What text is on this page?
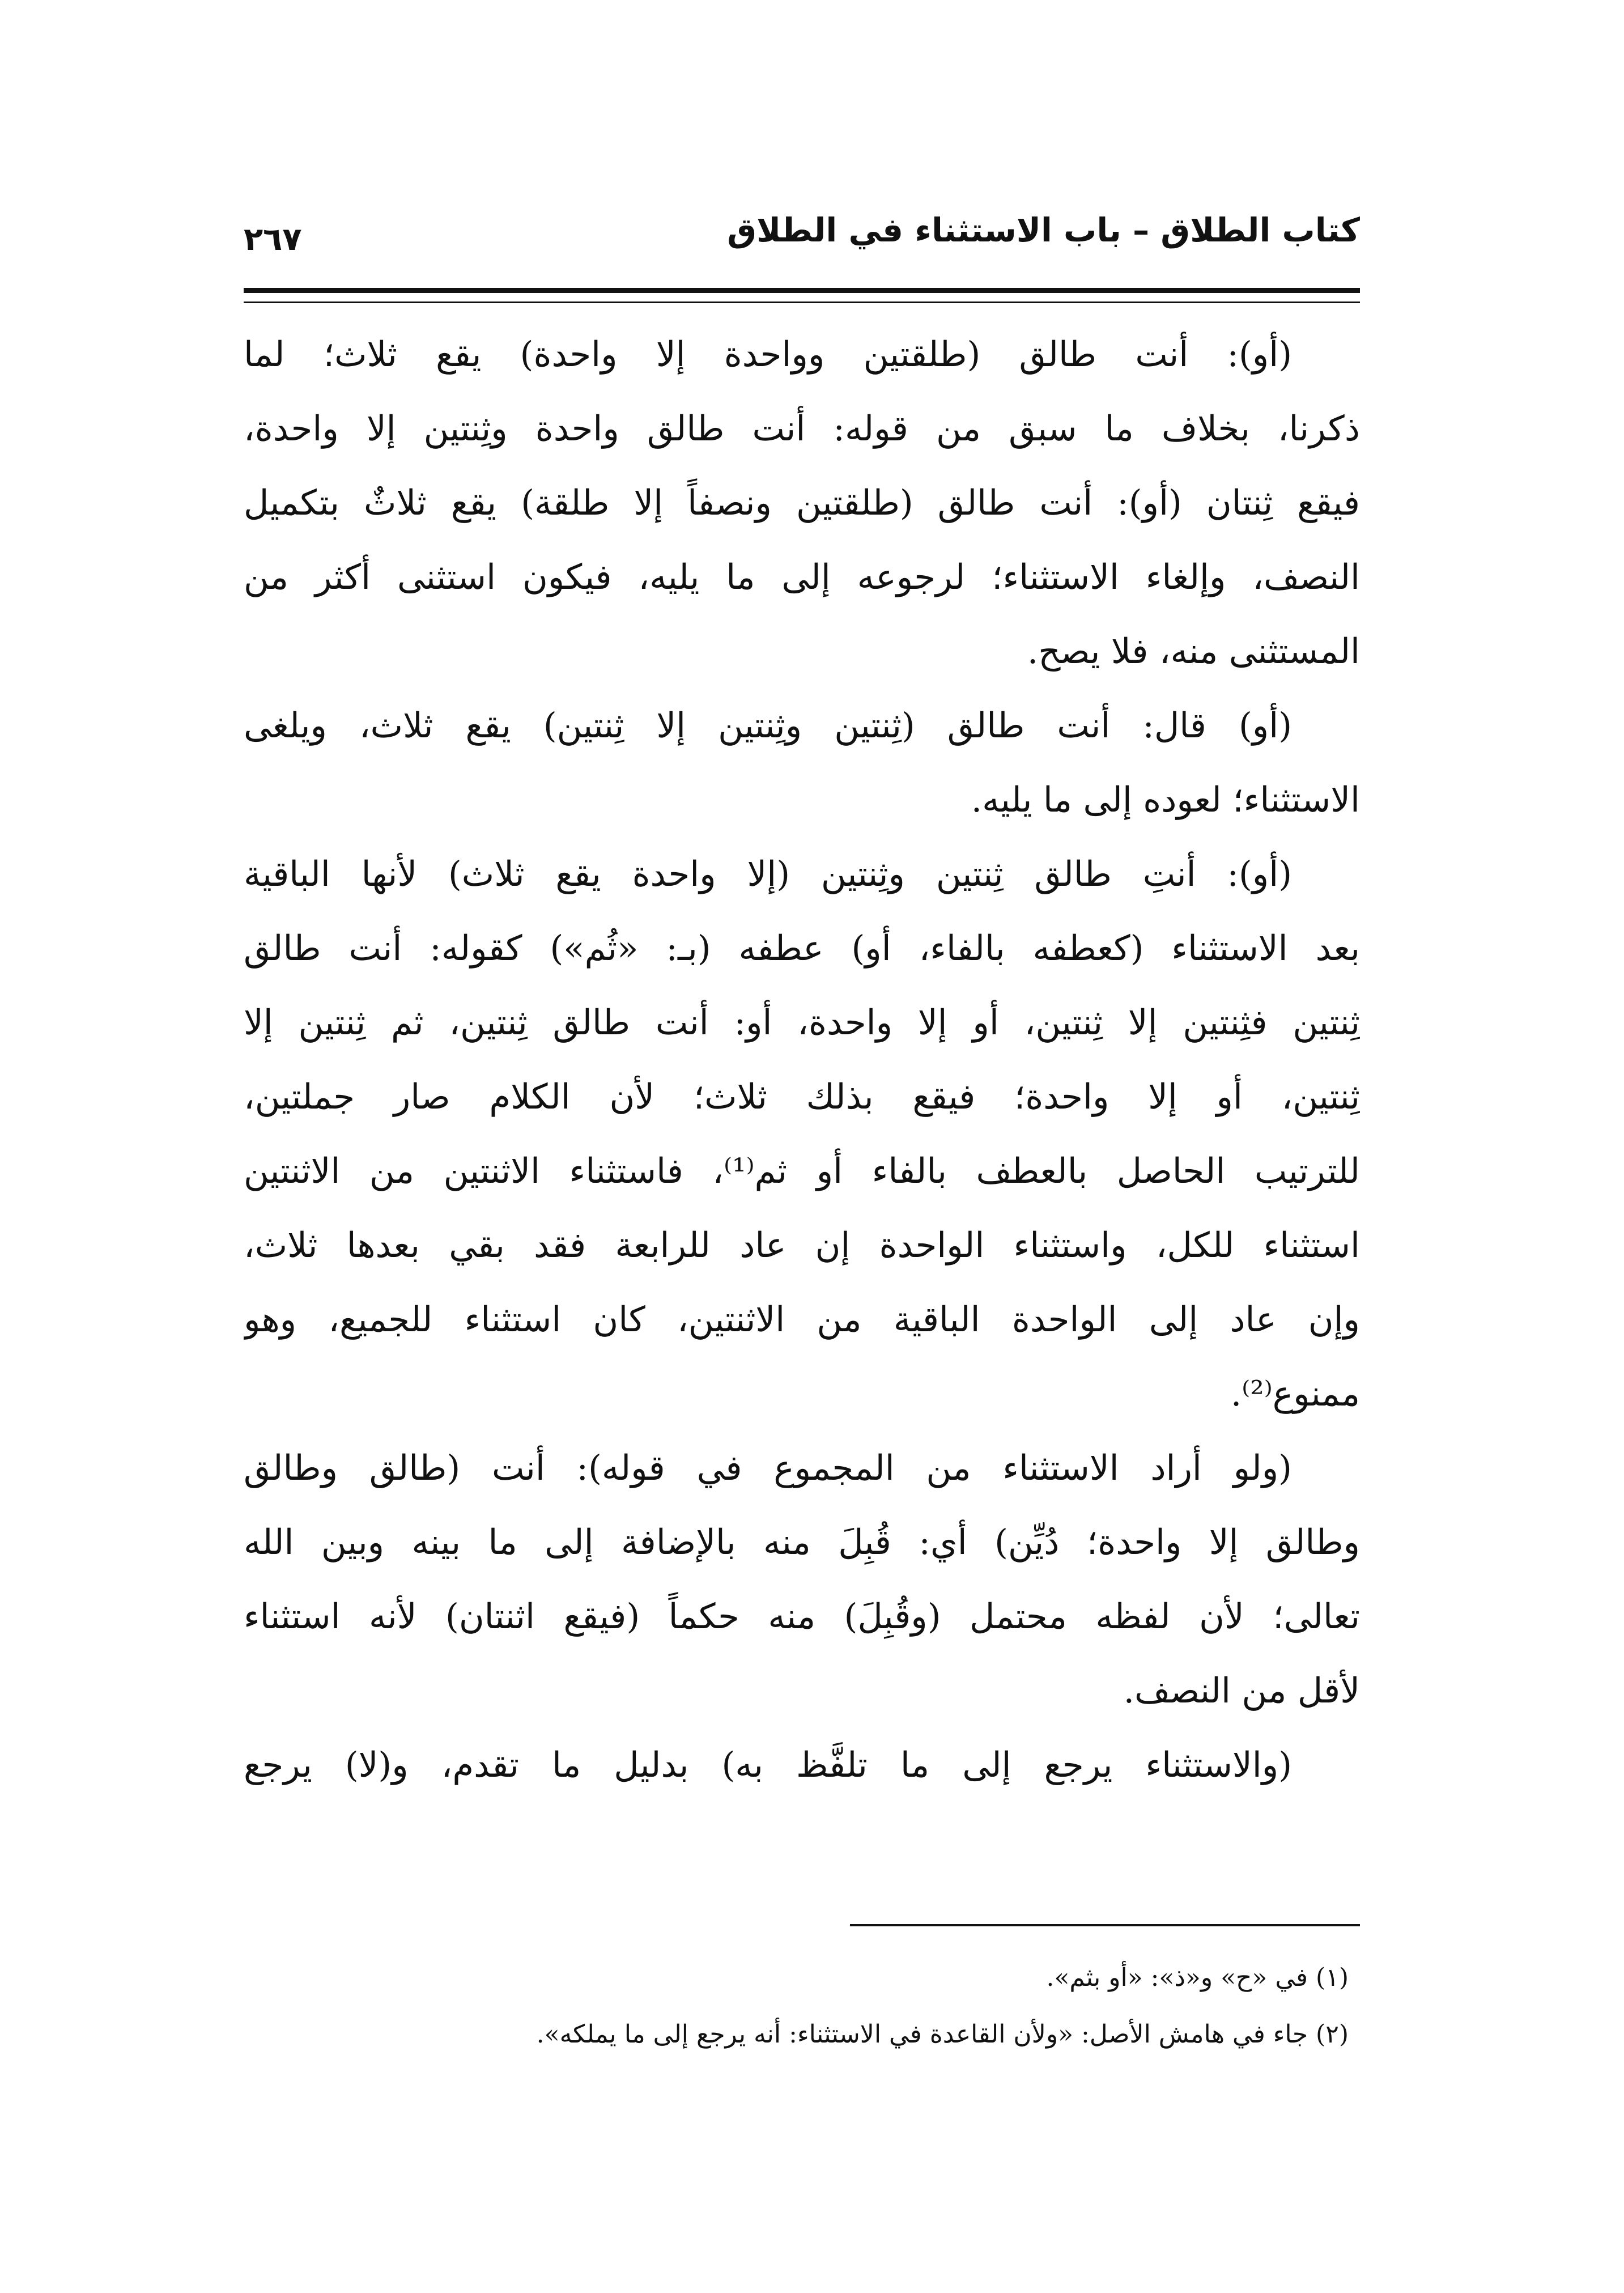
كتاب الطلاق – باب الاستثناء في الطلاق
٢٦٧
(أو): أنت طالق (طلقتين وواحدة إلا واحدة) يقع ثلاث؛ لما
ذكرنا، بخلاف ما سبق من قوله: أنت طالق واحدة وثِنتين إلا واحدة،
فيقع ثِنتان (أو): أنت طالق (طلقتين ونصفاً إلا طلقة) يقع ثلاثٌ بتكميل
النصف، وإلغاء الاستثناء؛ لرجوعه إلى ما يليه، فيكون استثنى أكثر من
المستثنى منه، فلا يصح.
(أو) قال: أنت طالق (ثِنتين وثِنتين إلا ثِنتين) يقع ثلاث، ويلغى
الاستثناء؛ لعوده إلى ما يليه.
(أو): أنتِ طالق ثِنتين وثِنتين (إلا واحدة يقع ثلاث) لأنها الباقية
بعد الاستثناء (كعطفه بالفاء، أو) عطفه (بـ: «ثُم») كقوله: أنت طالق
ثِنتين فثِنتين إلا ثِنتين، أو إلا واحدة، أو: أنت طالق ثِنتين، ثم ثِنتين إلا
ثِنتين، أو إلا واحدة؛ فيقع بذلك ثلاث؛ لأن الكلام صار جملتين،
للترتيب الحاصل بالعطف بالفاء أو ثم⁽¹⁾، فاستثناء الاثنتين من الاثنتين
استثناء للكل، واستثناء الواحدة إن عاد للرابعة فقد بقي بعدها ثلاث،
وإن عاد إلى الواحدة الباقية من الاثنتين، كان استثناء للجميع، وهو
ممنوع⁽²⁾.
(ولو أراد الاستثناء من المجموع في قوله): أنت (طالق وطالق
وطالق إلا واحدة؛ دُيِّن) أي: قُبِلَ منه بالإضافة إلى ما بينه وبين الله
تعالى؛ لأن لفظه محتمل (وقُبِلَ) منه حكماً (فيقع اثنتان) لأنه استثناء
لأقل من النصف.
(والاستثناء يرجع إلى ما تلفَّظ به) بدليل ما تقدم، و(لا) يرجع
(١) في «ح» و«ذ»: «أو بثم».
(٢) جاء في هامش الأصل: «ولأن القاعدة في الاستثناء: أنه يرجع إلى ما يملكه».
